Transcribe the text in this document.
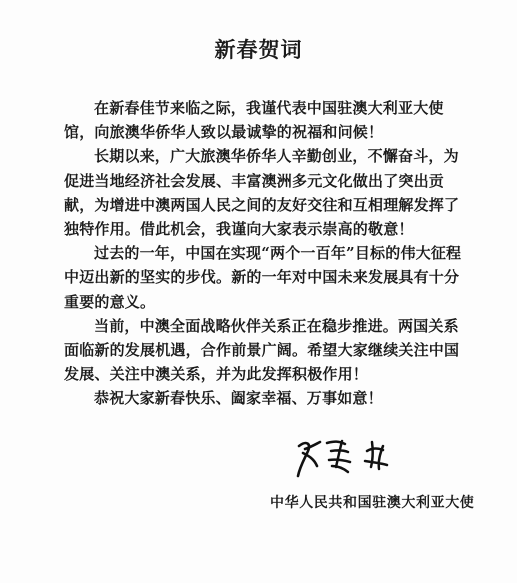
新春贺词

在新春佳节来临之际，我谨代表中国驻澳大利亚大使馆，向旅澳华侨华人致以最诚挚的祝福和问候！

长期以来，广大旅澳华侨华人辛勤创业，不懈奋斗，为促进当地经济社会发展、丰富澳洲多元文化做出了突出贡献，为增进中澳两国人民之间的友好交往和互相理解发挥了独特作用。借此机会，我谨向大家表示崇高的敬意！

过去的一年，中国在实现“两个一百年”目标的伟大征程中迈出新的坚实的步伐。新的一年对中国未来发展具有十分重要的意义。

当前，中澳全面战略伙伴关系正在稳步推进。两国关系面临新的发展机遇，合作前景广阔。希望大家继续关注中国发展、关注中澳关系，并为此发挥积极作用！

恭祝大家新春快乐、阖家幸福、万事如意！

中华人民共和国驻澳大利亚大使
